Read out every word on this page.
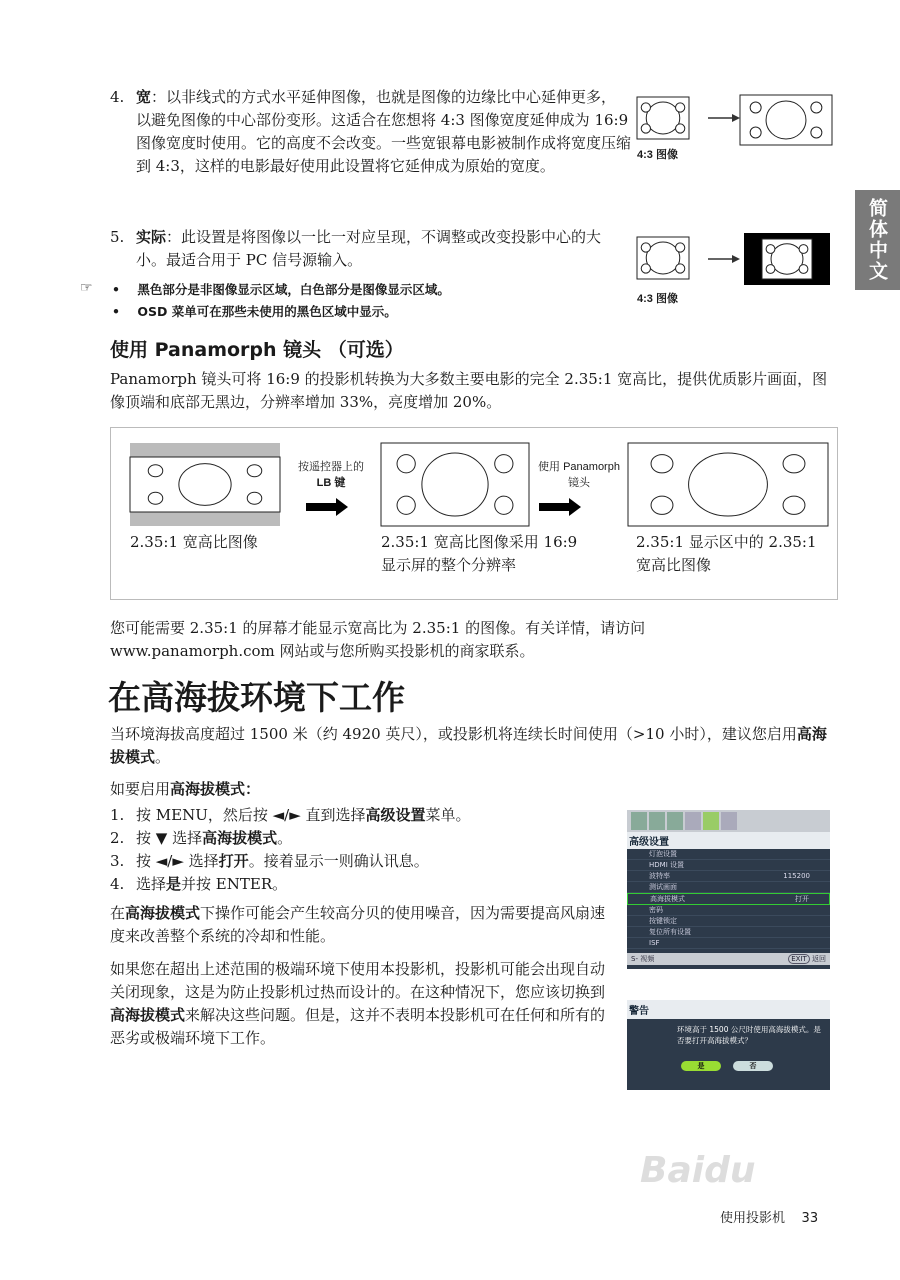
简体中文
4. 宽：以非线式的方式水平延伸图像，也就是图像的边缘比中心延伸更多，以避免图像的中心部份变形。这适合在您想将 4:3 图像宽度延伸成为 16:9 图像宽度时使用。它的高度不会改变。一些宽银幕电影被制作成将宽度压缩到 4:3，这样的电影最好使用此设置将它延伸成为原始的宽度。
5. 实际：此设置是将图像以一比一对应呈现，不调整或改变投影中心的大小。最适合用于 PC 信号源输入。
4:3 图像
4:3 图像
☞ •    黑色部分是非图像显示区域，白色部分是图像显示区域。
•    OSD 菜单可在那些未使用的黑色区域中显示。
使用 Panamorph 镜头 （可选）
Panamorph 镜头可将 16:9 的投影机转换为大多数主要电影的完全 2.35:1 宽高比，提供优质影片画面，图像顶端和底部无黑边，分辨率增加 33%，亮度增加 20%。
按遥控器上的
LB 键
使用 Panamorph
镜头
2.35:1 宽高比图像	2.35:1 宽高比图像采用 16:9 显示屏的整个分辨率
2.35:1 显示区中的 2.35:1 宽高比图像
您可能需要 2.35:1 的屏幕才能显示宽高比为 2.35:1 的图像。有关详情，请访问 www.panamorph.com 网站或与您所购买投影机的商家联系。
在高海拔环境下工作
当环境海拔高度超过 1500 米（约 4920 英尺），或投影机将连续长时间使用（>10 小时），建议您启用高海拔模式。
如要启用高海拔模式：
1. 按 MENU，然后按 ◄/► 直到选择高级设置菜单。
2. 按 ▼ 选择高海拔模式。
3. 按 ◄/► 选择打开。接着显示一则确认讯息。
4. 选择是并按 ENTER。
在高海拔模式下操作可能会产生较高分贝的使用噪音，因为需要提高风扇速度来改善整个系统的冷却和性能。
如果您在超出上述范围的极端环境下使用本投影机，投影机可能会出现自动关闭现象，这是为防止投影机过热而设计的。在这种情况下，您应该切换到高海拔模式来解决这些问题。但是，这并不表明本投影机可在任何和所有的恶劣或极端环境下工作。
高级设置
灯泡设置
HDMI 设置
波特率	115200
测试画面
高海拔模式	打开
密码
按键锁定
复位所有设置
ISF
S- 视频	EXIT 返回
警告
环境高于 1500 公尺时使用高海拔模式。是否要打开高海拔模式？
是	否
Baidu
使用投影机 33
